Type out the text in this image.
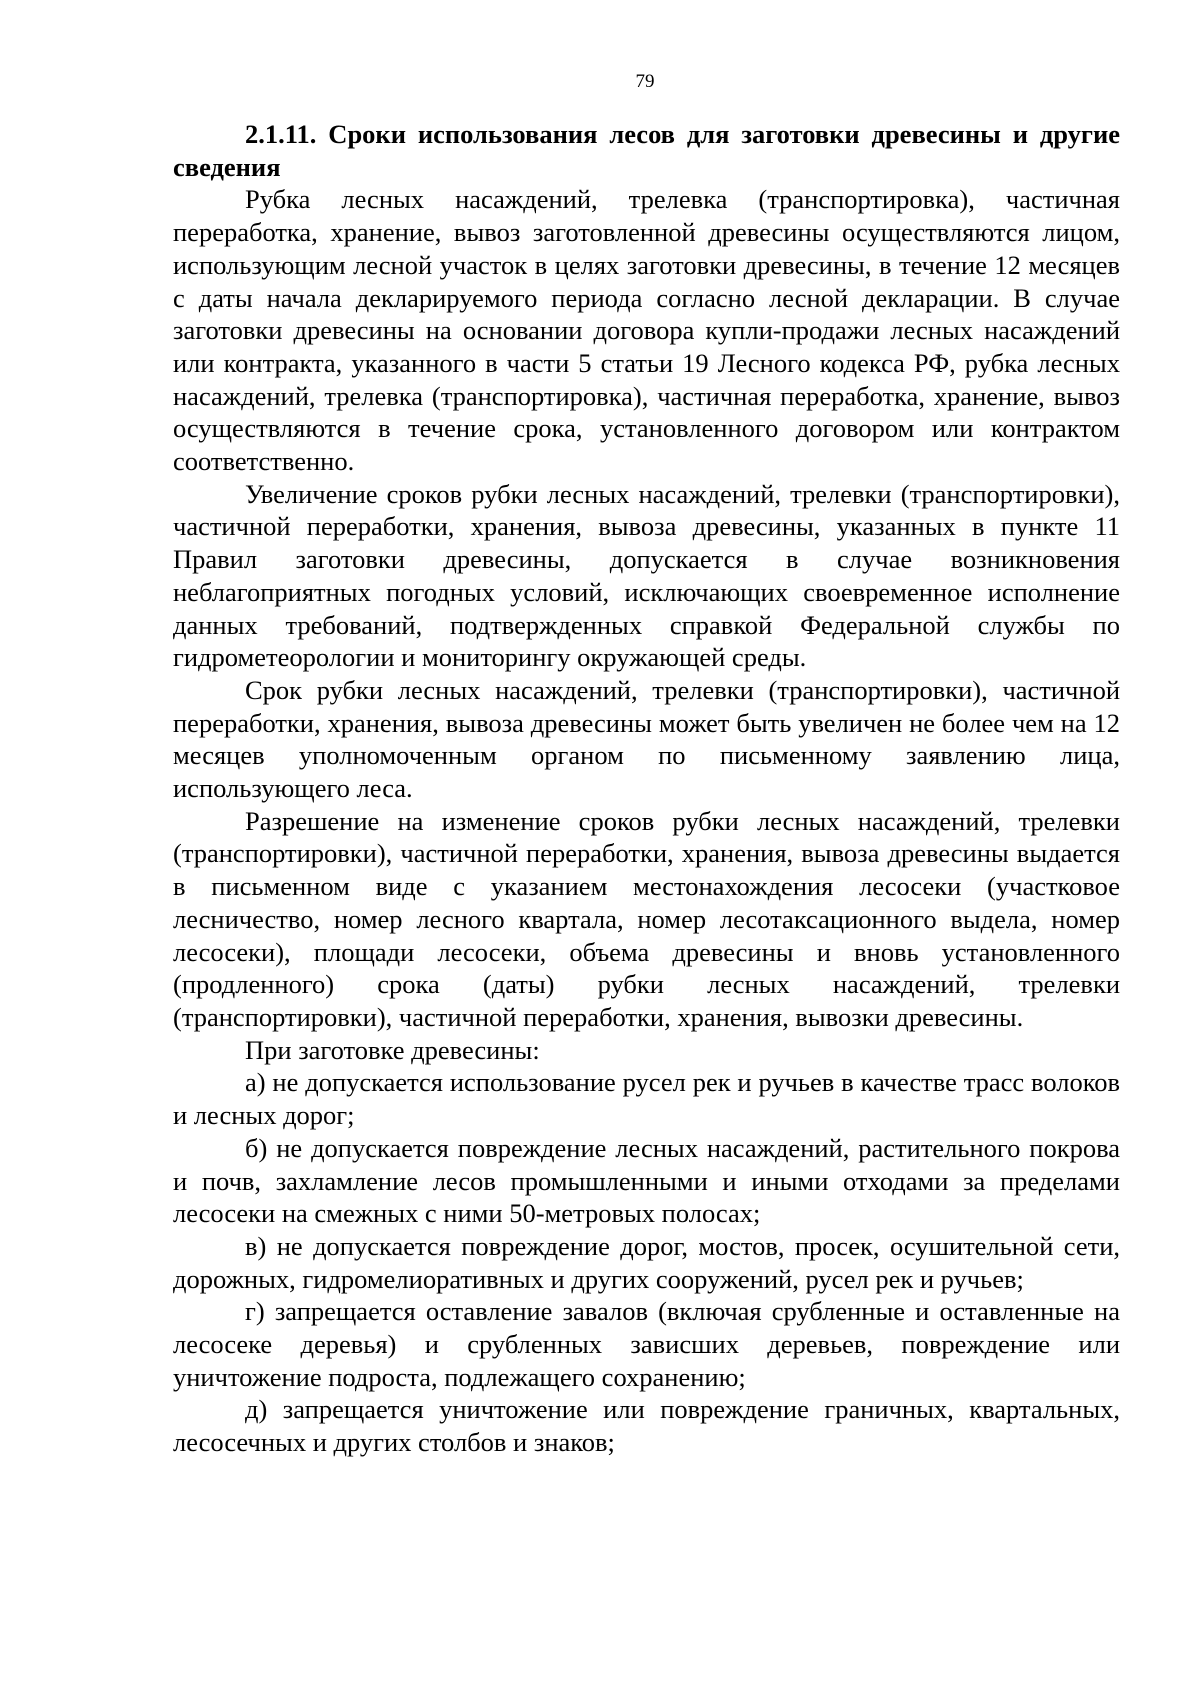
79

2.1.11. Сроки использования лесов для заготовки древесины и другие сведения

Рубка лесных насаждений, трелевка (транспортировка), частичная переработка, хранение, вывоз заготовленной древесины осуществляются лицом, использующим лесной участок в целях заготовки древесины, в течение 12 месяцев с даты начала декларируемого периода согласно лесной декларации. В случае заготовки древесины на основании договора купли-продажи лесных насаждений или контракта, указанного в части 5 статьи 19 Лесного кодекса РФ, рубка лесных насаждений, трелевка (транспортировка), частичная переработка, хранение, вывоз осуществляются в течение срока, установленного договором или контрактом соответственно.

Увеличение сроков рубки лесных насаждений, трелевки (транспортировки), частичной переработки, хранения, вывоза древесины, указанных в пункте 11 Правил заготовки древесины, допускается в случае возникновения неблагоприятных погодных условий, исключающих своевременное исполнение данных требований, подтвержденных справкой Федеральной службы по гидрометеорологии и мониторингу окружающей среды.

Срок рубки лесных насаждений, трелевки (транспортировки), частичной переработки, хранения, вывоза древесины может быть увеличен не более чем на 12 месяцев уполномоченным органом по письменному заявлению лица, использующего леса.

Разрешение на изменение сроков рубки лесных насаждений, трелевки (транспортировки), частичной переработки, хранения, вывоза древесины выдается в письменном виде с указанием местонахождения лесосеки (участковое лесничество, номер лесного квартала, номер лесотаксационного выдела, номер лесосеки), площади лесосеки, объема древесины и вновь установленного (продленного) срока (даты) рубки лесных насаждений, трелевки (транспортировки), частичной переработки, хранения, вывозки древесины.

При заготовке древесины:

а) не допускается использование русел рек и ручьев в качестве трасс волоков и лесных дорог;

б) не допускается повреждение лесных насаждений, растительного покрова и почв, захламление лесов промышленными и иными отходами за пределами лесосеки на смежных с ними 50-метровых полосах;

в) не допускается повреждение дорог, мостов, просек, осушительной сети, дорожных, гидромелиоративных и других сооружений, русел рек и ручьев;

г) запрещается оставление завалов (включая срубленные и оставленные на лесосеке деревья) и срубленных зависших деревьев, повреждение или уничтожение подроста, подлежащего сохранению;

д) запрещается уничтожение или повреждение граничных, квартальных, лесосечных и других столбов и знаков;
